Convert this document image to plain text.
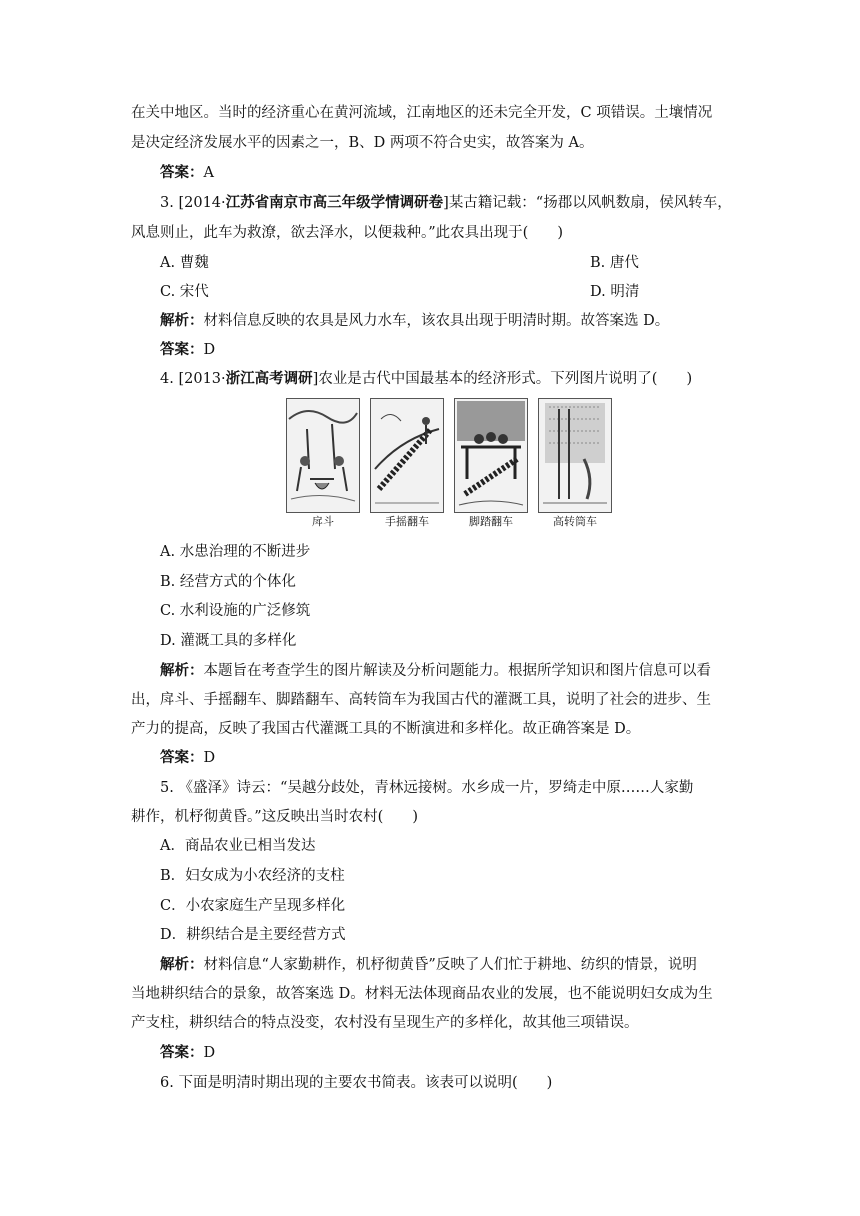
在关中地区。当时的经济重心在黄河流域，江南地区的还未完全开发，C 项错误。土壤情况
是决定经济发展水平的因素之一，B、D 两项不符合史实，故答案为 A。
答案：A
3. [2014·江苏省南京市高三年级学情调研卷]某古籍记载：“扬郡以风帆数扇，侯风转车，
风息则止，此车为救潦，欲去泽水，以便栽种。”此农具出现于(　　)
A. 曹魏	B. 唐代
C. 宋代	D. 明清
解析：材料信息反映的农具是风力水车，该农具出现于明清时期。故答案选 D。
答案：D
4. [2013·浙江高考调研]农业是古代中国最基本的经济形式。下列图片说明了(　　)
戽斗	手摇翻车	脚踏翻车	高转筒车
A. 水患治理的不断进步
B. 经营方式的个体化
C. 水利设施的广泛修筑
D. 灌溉工具的多样化
解析：本题旨在考查学生的图片解读及分析问题能力。根据所学知识和图片信息可以看
出，戽斗、手摇翻车、脚踏翻车、高转筒车为我国古代的灌溉工具，说明了社会的进步、生
产力的提高，反映了我国古代灌溉工具的不断演进和多样化。故正确答案是 D。
答案：D
5. 《盛泽》诗云：“吴越分歧处，青林远接树。水乡成一片，罗绮走中原……人家勤
耕作，机杼彻黄昏。”这反映出当时农村(　　)
A．商品农业已相当发达
B．妇女成为小农经济的支柱
C．小农家庭生产呈现多样化
D．耕织结合是主要经营方式
解析：材料信息“人家勤耕作，机杼彻黄昏”反映了人们忙于耕地、纺织的情景，说明
当地耕织结合的景象，故答案选 D。材料无法体现商品农业的发展，也不能说明妇女成为生
产支柱，耕织结合的特点没变，农村没有呈现生产的多样化，故其他三项错误。
答案：D
6. 下面是明清时期出现的主要农书简表。该表可以说明(　　)
